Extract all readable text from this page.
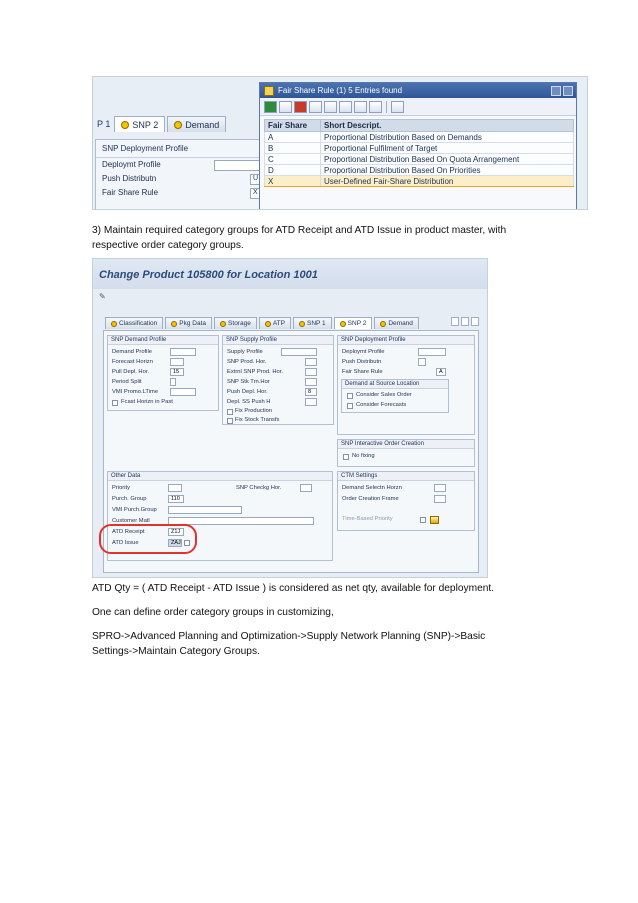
P 1	SNP 2	Demand
SNP Deployment Profile
Deploymt Profile
Push Distributn	U
Fair Share Rule	X
Fair Share Rule (1) 5 Entries found
Fair Share	Short Descript.
A	Proportional Distribution Based on Demands
B	Proportional Fulfilment of Target
C	Proportional Distribution Based On Quota Arrangement
D	Proportional Distribution Based On Priorities
X	User-Defined Fair-Share Distribution
3) Maintain required category groups for ATD Receipt and ATD Issue in product master, with
respective order category groups.
Change Product 105800 for Location 1001
✎
Classification	Pkg Data	Storage	ATP	SNP 1	SNP 2	Demand
SNP Demand Profile
Demand Profile
Forecast Horizn
Pull Depl. Hor.	15
Period Split
VMI Promo.LTime
Fcast Horizn in Past
SNP Supply Profile
Supply Profile
SNP Prod. Hor.
Extrnl SNP Prod. Hor.
SNP Stk Trn.Hor
Push Depl. Hor.	8
Depl. SS Push H
Fix Production
Fix Stock Transfs
SNP Deployment Profile
Deploymt Profile
Push Distributn
Fair Share Rule	A
Demand at Source Location
Consider Sales Order
Consider Forecasts
SNP Interactive Order Creation
No fixing
Other Data
Priority	SNP Checkg Hor.
Purch. Group	110
VMI Purch.Group
Customer Matl
ATD Receipt	Z1J
ATD Issue	ZAJ
CTM Settings
Demand Selectn Horzn
Order Creation Frame
Time-Based Priority
ATD Qty = ( ATD Receipt - ATD Issue ) is considered as net qty, available for deployment.
One can define order category groups in customizing,
SPRO->Advanced Planning and Optimization->Supply Network Planning (SNP)->Basic
Settings->Maintain Category Groups.
